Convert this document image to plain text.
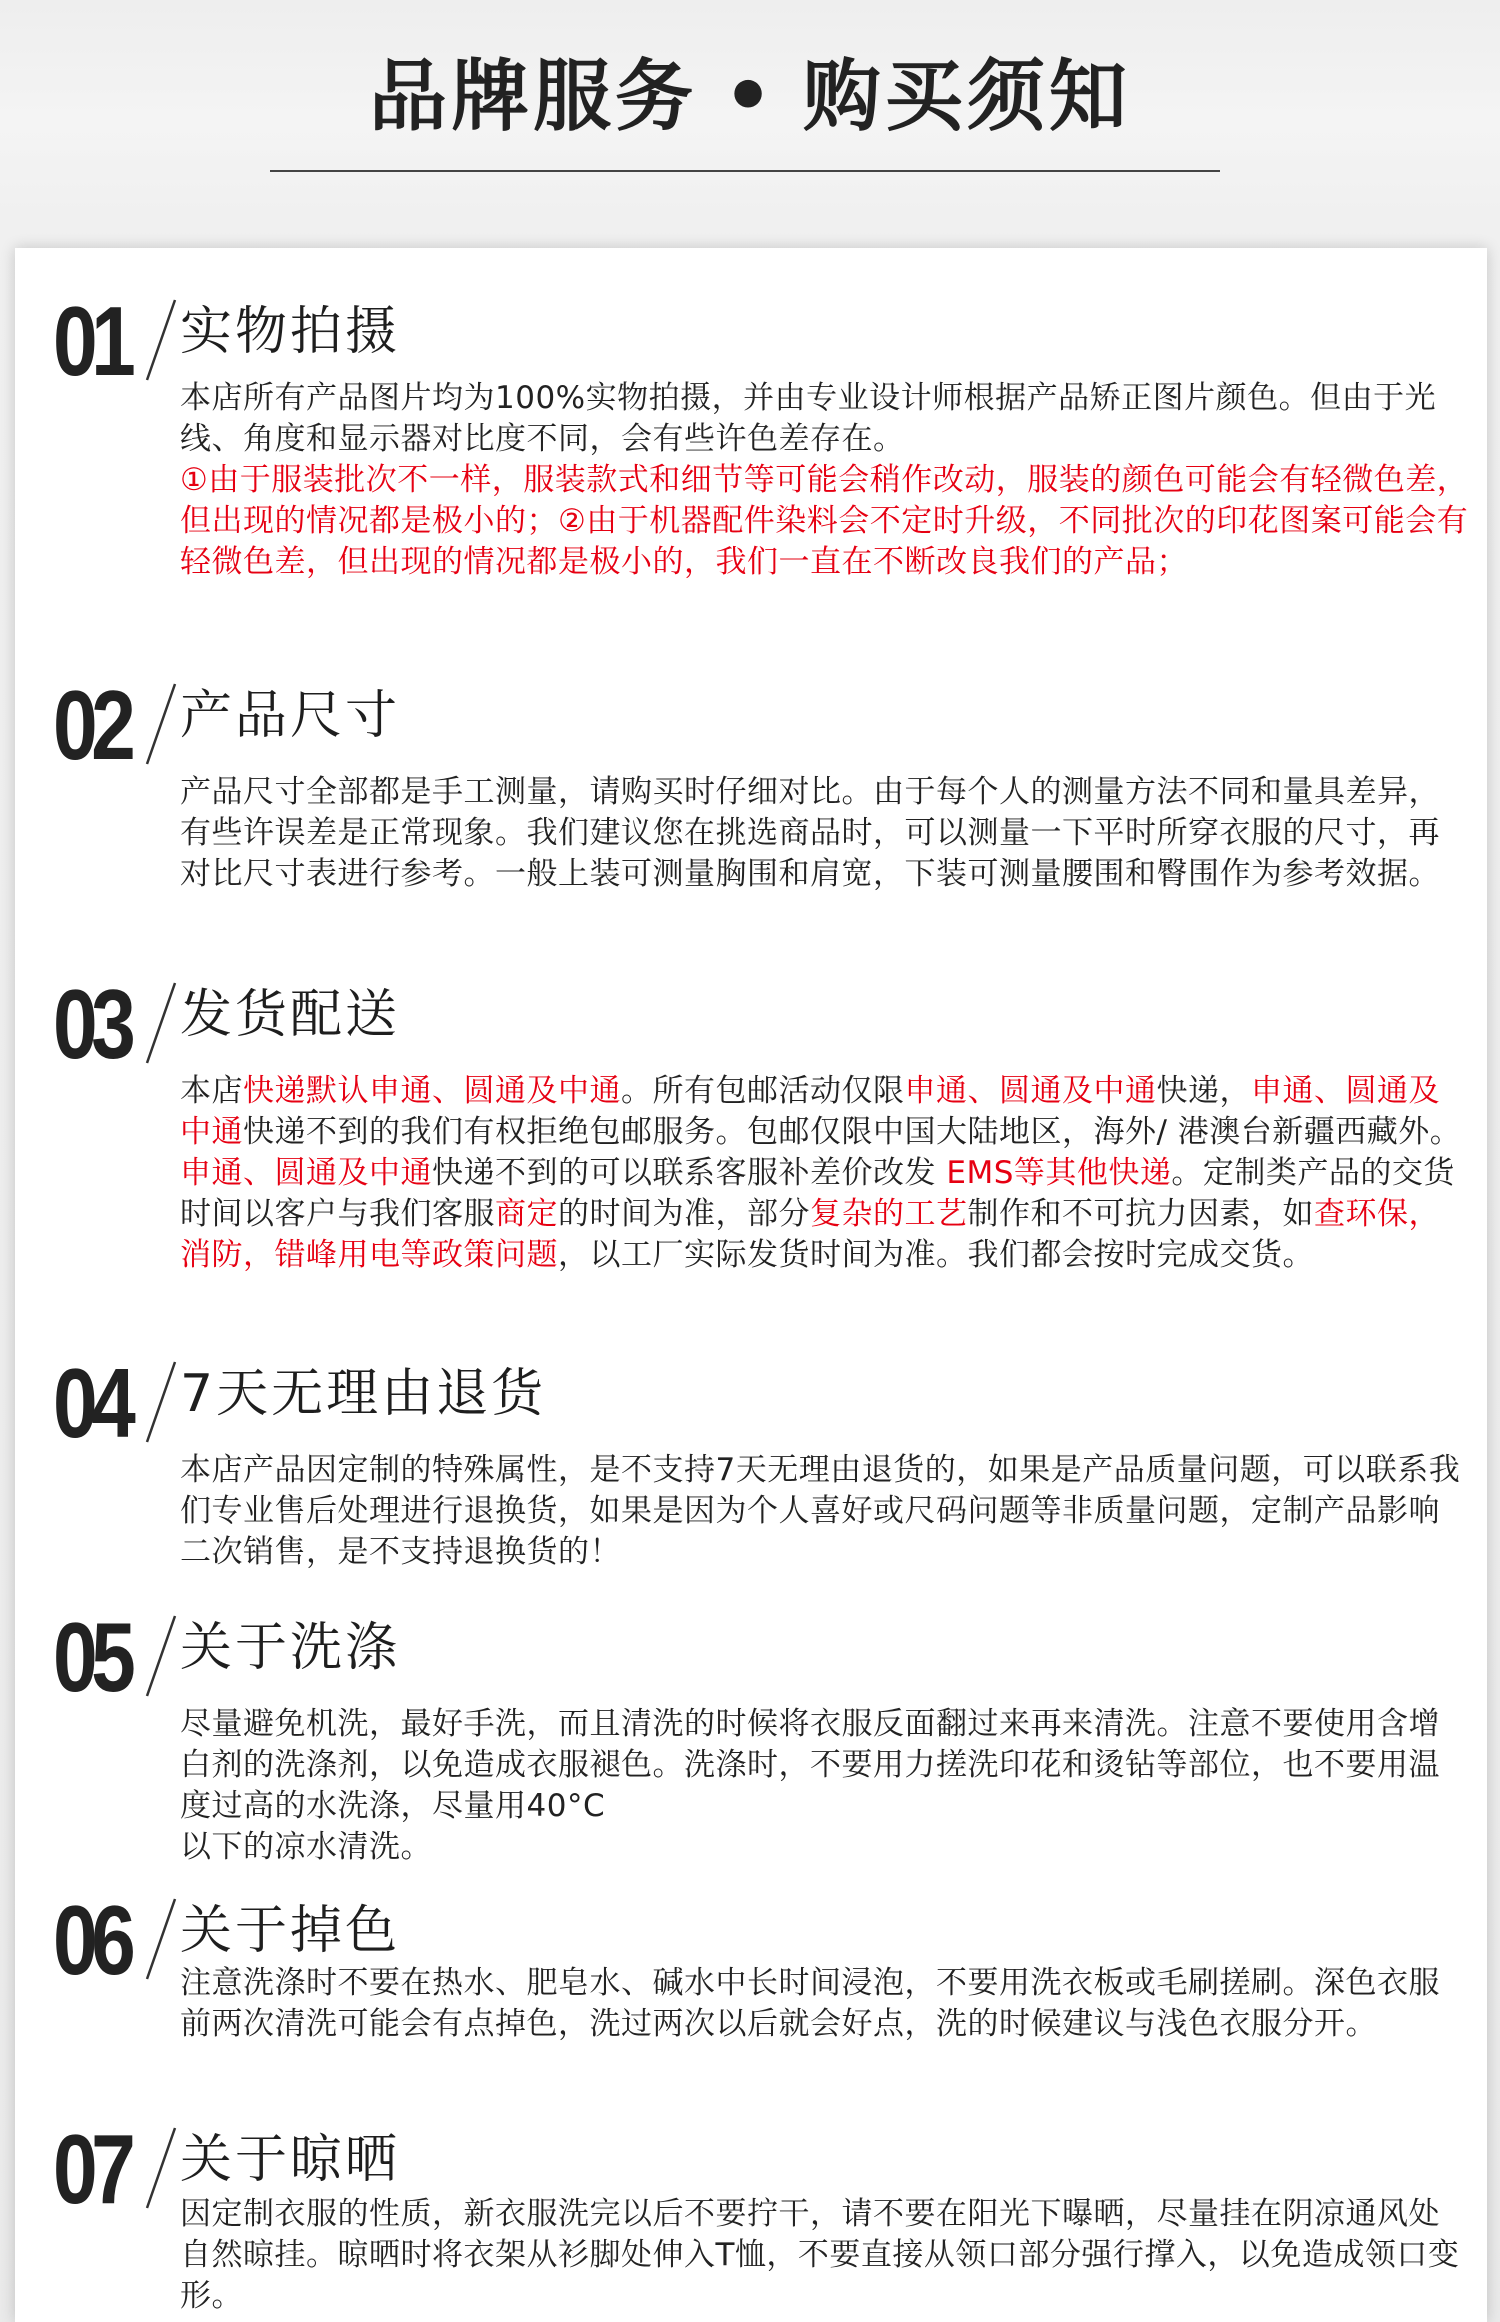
品牌服务 • 购买须知
01 实物拍摄
本店所有产品图片均为100%实物拍摄，并由专业设计师根据产品矫正图片颜色。但由于光线、角度和显示器对比度不同，会有些许色差存在。
①由于服装批次不一样，服装款式和细节等可能会稍作改动，服装的颜色可能会有轻微色差，但出现的情况都是极小的；②由于机器配件染料会不定时升级，不同批次的印花图案可能会有轻微色差，但出现的情况都是极小的，我们一直在不断改良我们的产品；
02 产品尺寸
产品尺寸全部都是手工测量，请购买时仔细对比。由于每个人的测量方法不同和量具差异，有些许误差是正常现象。我们建议您在挑选商品时，可以测量一下平时所穿衣服的尺寸，再对比尺寸表进行参考。一般上装可测量胸围和肩宽，下装可测量腰围和臀围作为参考效据。
03 发货配送
本店快递默认申通、圆通及中通。所有包邮活动仅限申通、圆通及中通快递，申通、圆通及中通快递不到的我们有权拒绝包邮服务。包邮仅限中国大陆地区，海外/ 港澳台新疆西藏外。申通、圆通及中通快递不到的可以联系客服补差价改发 EMS等其他快递。定制类产品的交货时间以客户与我们客服商定的时间为准，部分复杂的工艺制作和不可抗力因素，如查环保，消防，错峰用电等政策问题，以工厂实际发货时间为准。我们都会按时完成交货。
04 7天无理由退货
本店产品因定制的特殊属性，是不支持7天无理由退货的，如果是产品质量问题，可以联系我们专业售后处理进行退换货，如果是因为个人喜好或尺码问题等非质量问题，定制产品影响二次销售，是不支持退换货的！
05 关于洗涤
尽量避免机洗，最好手洗，而且清洗的时候将衣服反面翻过来再来清洗。注意不要使用含增白剂的洗涤剂，以免造成衣服褪色。洗涤时，不要用力搓洗印花和烫钻等部位，也不要用温度过高的水洗涤，尽量用40°C
以下的凉水清洗。
06 关于掉色
注意洗涤时不要在热水、肥皂水、碱水中长时间浸泡，不要用洗衣板或毛刷搓刷。深色衣服前两次清洗可能会有点掉色，洗过两次以后就会好点，洗的时候建议与浅色衣服分开。
07 关于晾晒
因定制衣服的性质，新衣服洗完以后不要拧干，请不要在阳光下曝晒，尽量挂在阴凉通风处自然晾挂。晾晒时将衣架从衫脚处伸入T恤，不要直接从领口部分强行撑入，以免造成领口变形。
